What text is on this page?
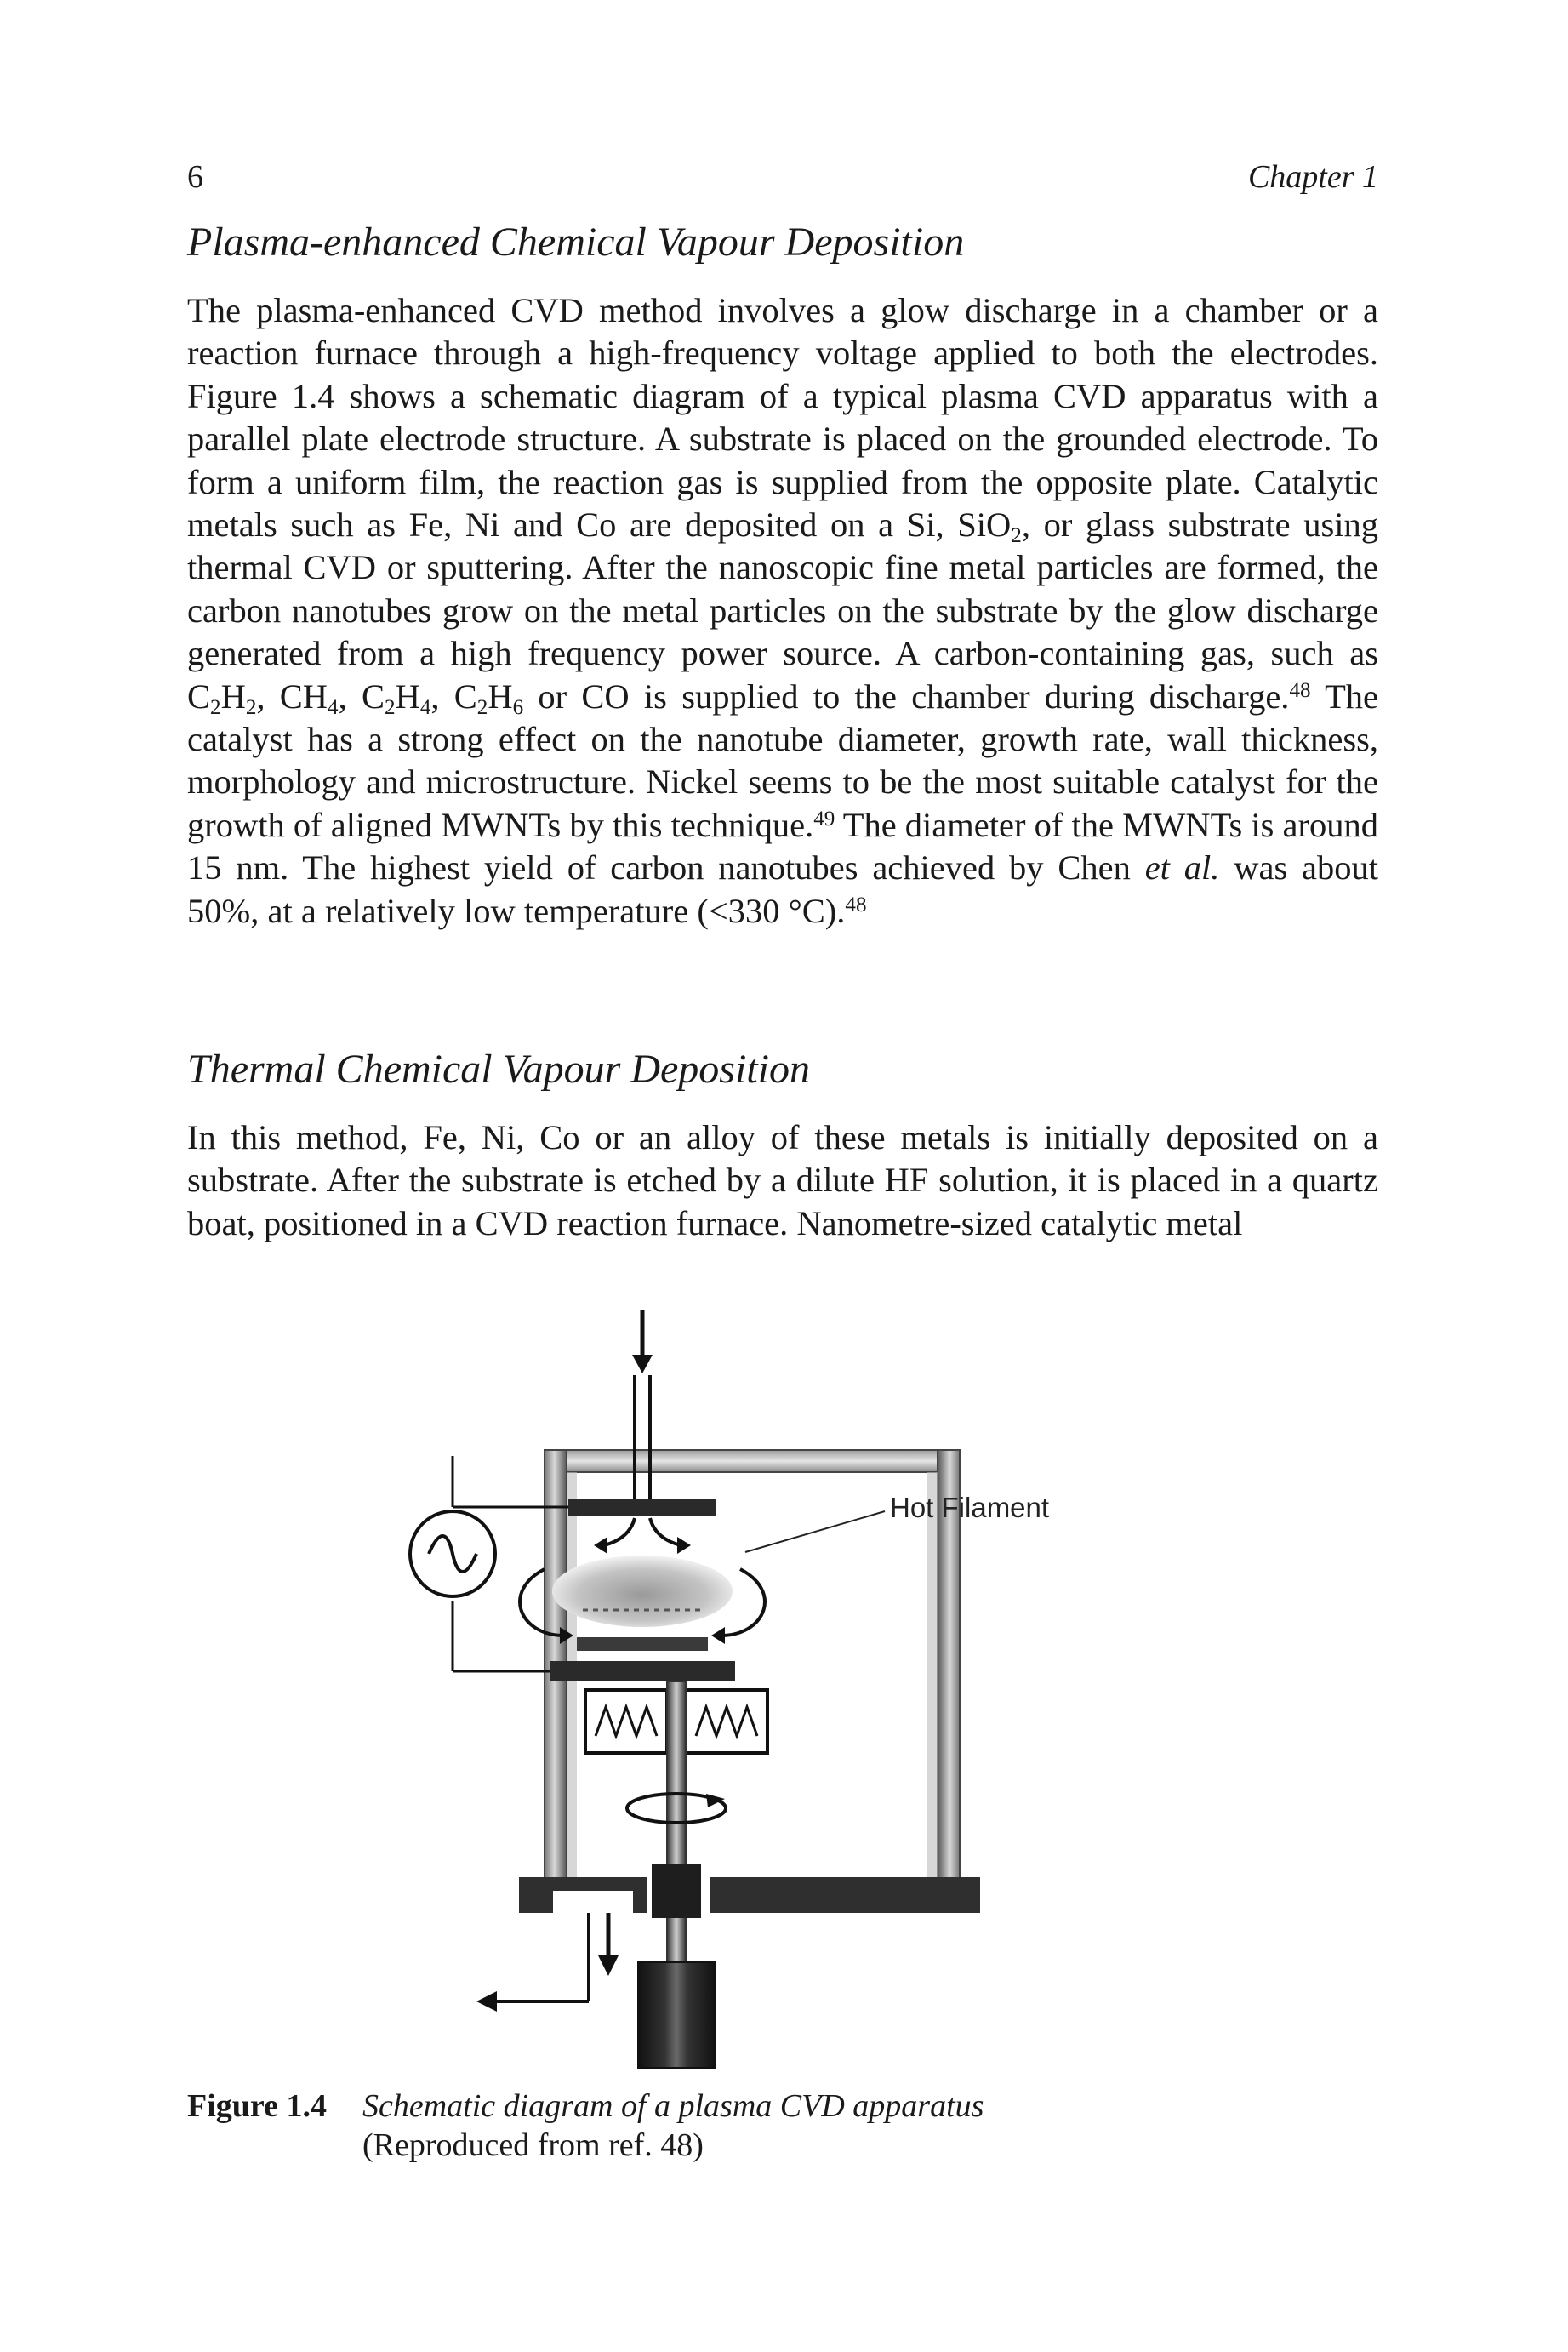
6	Chapter 1
Plasma-enhanced Chemical Vapour Deposition

The plasma-enhanced CVD method involves a glow discharge in a chamber or a reaction furnace through a high-frequency voltage applied to both the electrodes. Figure 1.4 shows a schematic diagram of a typical plasma CVD apparatus with a parallel plate electrode structure. A substrate is placed on the grounded electrode. To form a uniform film, the reaction gas is supplied from the opposite plate. Catalytic metals such as Fe, Ni and Co are deposited on a Si, SiO$_2$, or glass substrate using thermal CVD or sputtering. After the nanoscopic fine metal particles are formed, the carbon nanotubes grow on the metal particles on the substrate by the glow discharge generated from a high frequency power source. A carbon-containing gas, such as $C_2H_2$, $CH_4$, $C_2H_4$, $C_2H_6$ or CO is supplied to the chamber during discharge.$^{48}$ The catalyst has a strong effect on the nanotube diameter, growth rate, wall thickness, morphology and microstructure. Nickel seems to be the most suitable catalyst for the growth of aligned MWNTs by this technique.$^{49}$ The diameter of the MWNTs is around 15 nm. The highest yield of carbon nanotubes achieved by Chen et al. was about 50%, at a relatively low temperature (<330 °C).$^{48}$

Thermal Chemical Vapour Deposition

In this method, Fe, Ni, Co or an alloy of these metals is initially deposited on a substrate. After the substrate is etched by a dilute HF solution, it is placed in a quartz boat, positioned in a CVD reaction furnace. Nanometre-sized catalytic metal

Hot Filament
Figure 1.4 Schematic diagram of a plasma CVD apparatus
(Reproduced from ref. 48)
